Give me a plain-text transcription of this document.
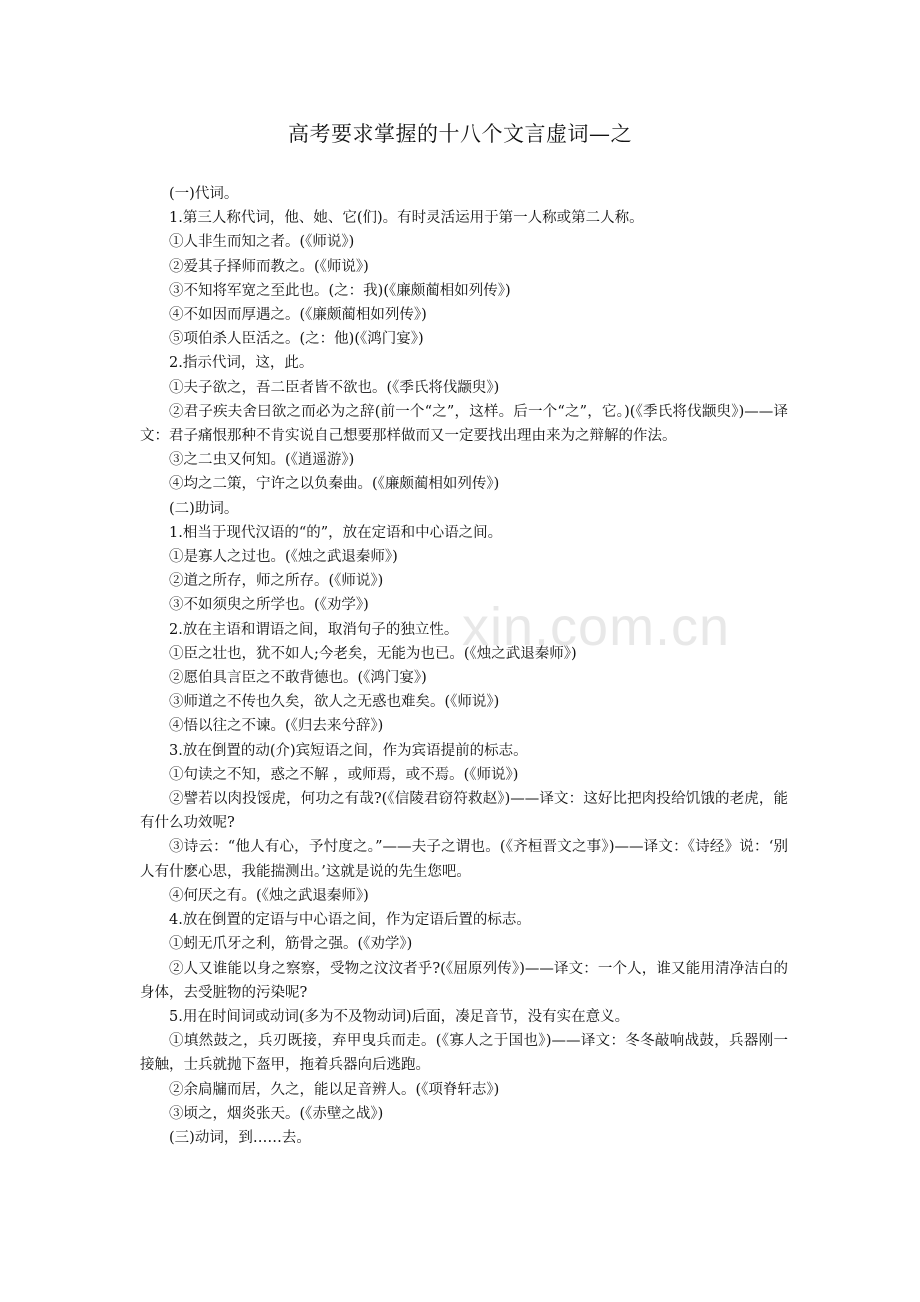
高考要求掌握的十八个文言虚词—之

(一)代词。

1.第三人称代词，他、她、它(们)。有时灵活运用于第一人称或第二人称。

①人非生而知之者。(《师说》)

②爱其子择师而教之。(《师说》)

③不知将军宽之至此也。(之：我)(《廉颇蔺相如列传》)

④不如因而厚遇之。(《廉颇蔺相如列传》)

⑤项伯杀人臣活之。(之：他)(《鸿门宴》)

2.指示代词，这，此。

①夫子欲之，吾二臣者皆不欲也。(《季氏将伐颛臾》)

②君子疾夫舍曰欲之而必为之辞(前一个“之”，这样。后一个“之”，它。)(《季氏将伐颛臾》)——译文：君子痛恨那种不肯实说自己想要那样做而又一定要找出理由来为之辩解的作法。

③之二虫又何知。(《逍遥游》)

④均之二策，宁许之以负秦曲。(《廉颇蔺相如列传》)

(二)助词。

1.相当于现代汉语的“的”，放在定语和中心语之间。

①是寡人之过也。(《烛之武退秦师》)

②道之所存，师之所存。(《师说》)

③不如须臾之所学也。(《劝学》)

2.放在主语和谓语之间，取消句子的独立性。

①臣之壮也，犹不如人;今老矣，无能为也已。(《烛之武退秦师》)

②愿伯具言臣之不敢背德也。(《鸿门宴》)

③师道之不传也久矣，欲人之无惑也难矣。(《师说》)

④悟以往之不谏。(《归去来兮辞》)

3.放在倒置的动(介)宾短语之间，作为宾语提前的标志。

①句读之不知，惑之不解 ，或师焉，或不焉。(《师说》)

②譬若以肉投馁虎，何功之有哉?(《信陵君窃符救赵》)——译文：这好比把肉投给饥饿的老虎，能有什么功效呢?

③诗云：“他人有心，予忖度之。”——夫子之谓也。(《齐桓晋文之事》)——译文：《诗经》说：‘别人有什麽心思，我能揣测出。’这就是说的先生您吧。

④何厌之有。(《烛之武退秦师》)

4.放在倒置的定语与中心语之间，作为定语后置的标志。

①蚓无爪牙之利，筋骨之强。(《劝学》)

②人又谁能以身之察察，受物之汶汶者乎?(《屈原列传》)——译文：一个人，谁又能用清净洁白的身体，去受脏物的污染呢?

5.用在时间词或动词(多为不及物动词)后面，凑足音节，没有实在意义。

①填然鼓之，兵刃既接，弃甲曳兵而走。(《寡人之于国也》)——译文：冬冬敲响战鼓，兵器刚一接触，士兵就抛下盔甲，拖着兵器向后逃跑。

②余扃牖而居，久之，能以足音辨人。(《项脊轩志》)

③顷之，烟炎张天。(《赤壁之战》)

(三)动词，到……去。

xin.com.cn
